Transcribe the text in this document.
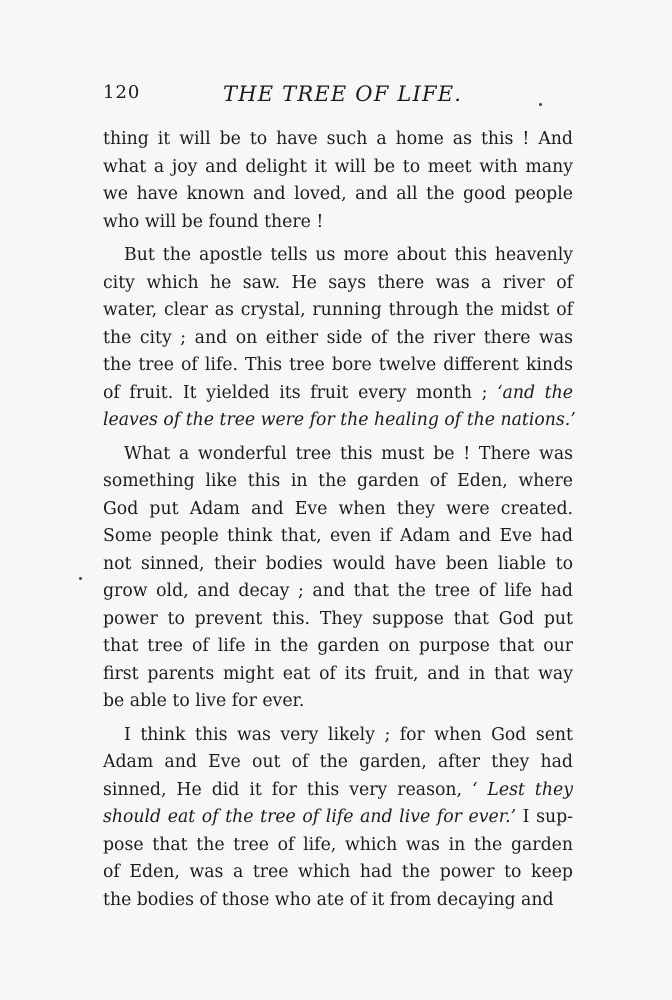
120	THE TREE OF LIFE.
thing it will be to have such a home as this ! And
what a joy and delight it will be to meet with many
we have known and loved, and all the good people
who will be found there !
But the apostle tells us more about this heavenly
city which he saw. He says there was a river of
water, clear as crystal, running through the midst of
the city ; and on either side of the river there was
the tree of life. This tree bore twelve different kinds
of fruit. It yielded its fruit every month ; ‘and the
leaves of the tree were for the healing of the nations.’
What a wonderful tree this must be ! There was
something like this in the garden of Eden, where
God put Adam and Eve when they were created.
Some people think that, even if Adam and Eve had
not sinned, their bodies would have been liable to
grow old, and decay ; and that the tree of life had
power to prevent this. They suppose that God put
that tree of life in the garden on purpose that our
first parents might eat of its fruit, and in that way
be able to live for ever.
I think this was very likely ; for when God sent
Adam and Eve out of the garden, after they had
sinned, He did it for this very reason, ‘ Lest they
should eat of the tree of life and live for ever.’ I sup-
pose that the tree of life, which was in the garden
of Eden, was a tree which had the power to keep
the bodies of those who ate of it from decaying and
